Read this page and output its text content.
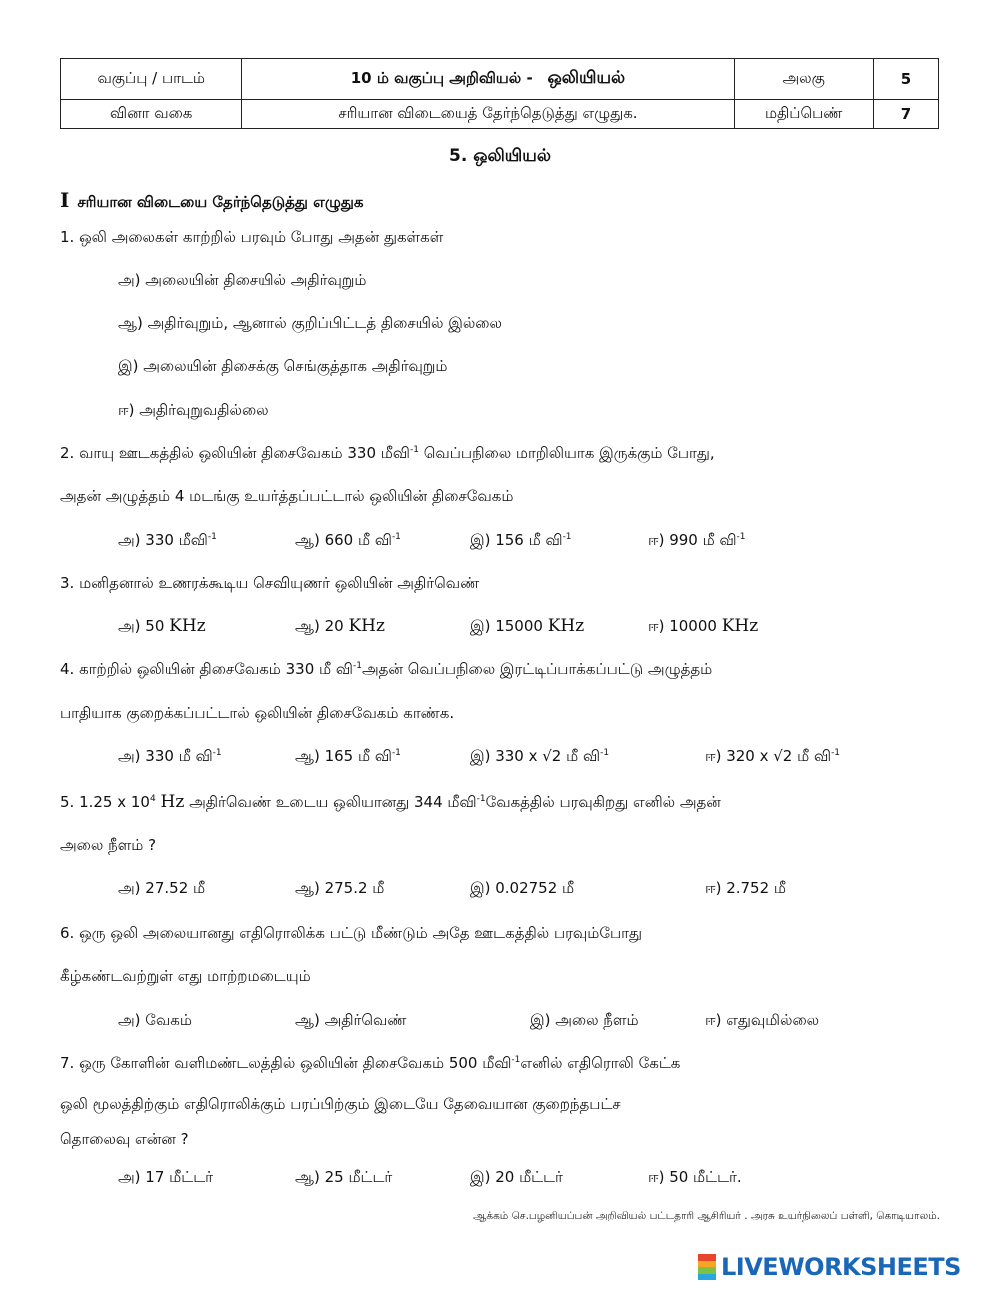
வகுப்பு / பாடம்	10 ம் வகுப்பு அறிவியல் - ஒலியியல்	அலகு	5
வினா வகை	சரியான விடையைத் தேர்ந்தெடுத்து எழுதுக.	மதிப்பெண்	7
5. ஒலியியல்
I சரியான விடையை தேர்ந்தெடுத்து எழுதுக
1. ஒலி அலைகள் காற்றில் பரவும் போது அதன் துகள்கள்
அ) அலையின் திசையில் அதிர்வுறும்
ஆ) அதிர்வுறும், ஆனால் குறிப்பிட்டத் திசையில் இல்லை
இ) அலையின் திசைக்கு செங்குத்தாக அதிர்வுறும்
ஈ) அதிர்வுறுவதில்லை
2. வாயு ஊடகத்தில் ஒலியின் திசைவேகம் 330 மீவி$^{-1}$ வெப்பநிலை மாறிலியாக இருக்கும் போது,
அதன் அழுத்தம் 4 மடங்கு உயர்த்தப்பட்டால் ஒலியின் திசைவேகம்
அ) 330 மீவி$^{-1}$	ஆ) 660 மீ வி$^{-1}$	இ) 156 மீ வி$^{-1}$	ஈ) 990 மீ வி$^{-1}$
3. மனிதனால் உணரக்கூடிய செவியுணர் ஒலியின் அதிர்வெண்
அ) 50 KHz	ஆ) 20 KHz	இ) 15000 KHz	ஈ) 10000 KHz
4. காற்றில் ஒலியின் திசைவேகம் 330 மீ வி$^{-1}$அதன் வெப்பநிலை இரட்டிப்பாக்கப்பட்டு அழுத்தம்
பாதியாக குறைக்கப்பட்டால் ஒலியின் திசைவேகம் காண்க.
அ) 330 மீ வி$^{-1}$	ஆ) 165 மீ வி$^{-1}$	இ) 330 x √2 மீ வி$^{-1}$	ஈ) 320 x √2 மீ வி$^{-1}$
5. 1.25 x $10^4$ Hz அதிர்வெண் உடைய ஒலியானது 344 மீவி$^{-1}$வேகத்தில் பரவுகிறது எனில் அதன்
அலை நீளம் ?
அ) 27.52 மீ	ஆ) 275.2 மீ	இ) 0.02752 மீ	ஈ) 2.752 மீ
6. ஒரு ஒலி அலையானது எதிரொலிக்க பட்டு மீண்டும் அதே ஊடகத்தில் பரவும்போது
கீழ்கண்டவற்றுள் எது மாற்றமடையும்
அ) வேகம்	ஆ) அதிர்வெண்	இ) அலை நீளம்	ஈ) எதுவுமில்லை
7. ஒரு கோளின் வளிமண்டலத்தில் ஒலியின் திசைவேகம் 500 மீவி$^{-1}$எனில் எதிரொலி கேட்க
ஒலி மூலத்திற்கும் எதிரொலிக்கும் பரப்பிற்கும் இடையே தேவையான குறைந்தபட்ச
தொலைவு என்ன ?
அ) 17 மீட்டர்	ஆ) 25 மீட்டர்	இ) 20 மீட்டர்	ஈ) 50 மீட்டர்.
ஆக்கம் செ.பழனியப்பன் அறிவியல் பட்டதாரி ஆசிரியர் . அரசு உயர்நிலைப் பள்ளி, கொடியாலம்.
LIVEWORKSHEETS
